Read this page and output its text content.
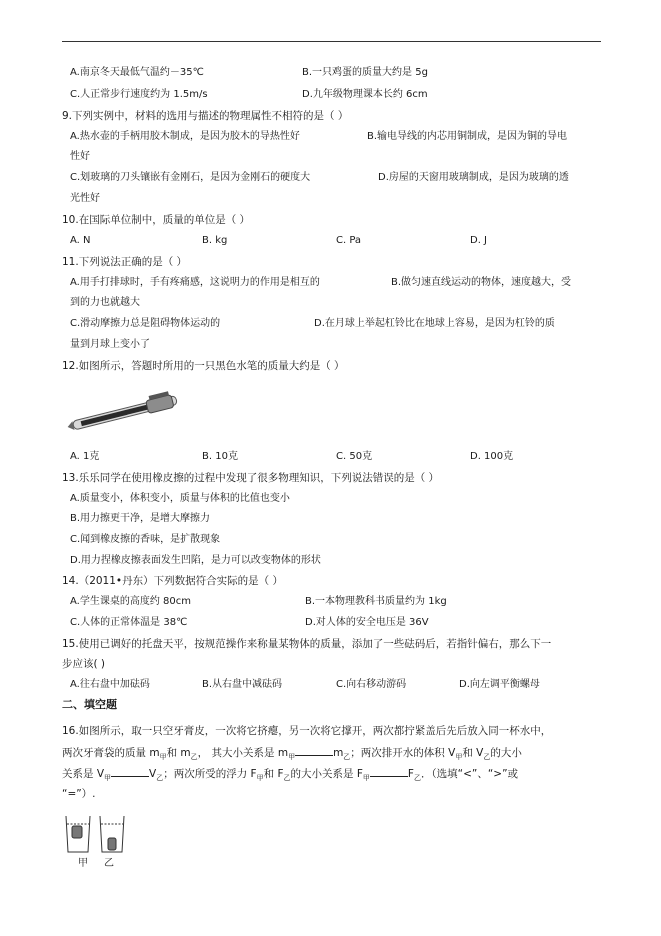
A.南京冬天最低气温约－35℃	B.一只鸡蛋的质量大约是 5g
C.人正常步行速度约为 1.5m/s	D.九年级物理课本长约 6cm
9.下列实例中，材料的选用与描述的物理属性不相符的是（ ）
A.热水壶的手柄用胶木制成，是因为胶木的导热性好	B.输电导线的内芯用铜制成，是因为铜的导电
性好
C.划玻璃的刀头镶嵌有金刚石，是因为金刚石的硬度大	D.房屋的天窗用玻璃制成，是因为玻璃的透
光性好
10.在国际单位制中，质量的单位是（ ）
A. N	B. kg	C. Pa	D. J
11.下列说法正确的是（ ）
A.用手打排球时，手有疼痛感，这说明力的作用是相互的	B.做匀速直线运动的物体，速度越大，受
到的力也就越大
C.滑动摩擦力总是阻碍物体运动的	D.在月球上举起杠铃比在地球上容易，是因为杠铃的质
量到月球上变小了
12.如图所示，答题时所用的一只黑色水笔的质量大约是（ ）
A. 1克	B. 10克	C. 50克	D. 100克
13.乐乐同学在使用橡皮擦的过程中发现了很多物理知识，下列说法错误的是（ ）
A.质量变小，体积变小，质量与体积的比值也变小
B.用力擦更干净，是增大摩擦力
C.闻到橡皮擦的香味，是扩散现象
D.用力捏橡皮擦表面发生凹陷，是力可以改变物体的形状
14.（2011•丹东）下列数据符合实际的是（ ）
A.学生课桌的高度约 80cm	B.一本物理教科书质量约为 1kg
C.人体的正常体温是 38℃	D.对人体的安全电压是 36V
15.使用已调好的托盘天平，按规范操作来称量某物体的质量，添加了一些砝码后，若指针偏右，那么下一
步应该( )
A.往右盘中加砝码	B.从右盘中减砝码	C.向右移动游码	D.向左调平衡螺母
二、填空题
16.如图所示，取一只空牙膏皮，一次将它挤瘪，另一次将它撑开，两次都拧紧盖后先后放入同一杯水中，
两次牙膏袋的质量 $m_甲$和 $m_乙$， 其大小关系是 $m_甲$	$m_乙$；两次排开水的体积 $V_甲$和 $V_乙$的大小
关系是 $V_甲$	$V_乙$；两次所受的浮力 $F_甲$和 $F_乙$的大小关系是 $F_甲$	$F_乙$．（选填“<”、“>”或
“=”）.
甲 乙
